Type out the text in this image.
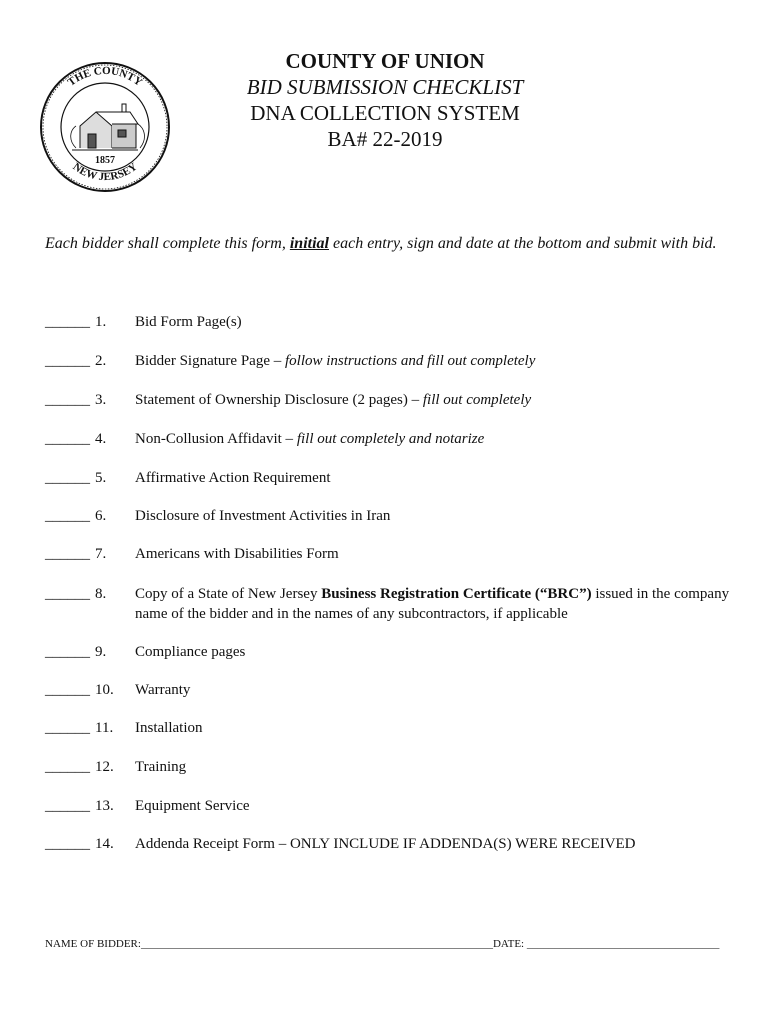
THE COUNTY
NEW JERSEY
1857
COUNTY OF UNION
BID SUBMISSION CHECKLIST
DNA COLLECTION SYSTEM
BA# 22-2019
Each bidder shall complete this form, initial each entry, sign and date at the bottom and submit with bid.
______ 1.	Bid Form Page(s)
______ 2.	Bidder Signature Page – follow instructions and fill out completely
______ 3.	Statement of Ownership Disclosure (2 pages) – fill out completely
______ 4.	Non-Collusion Affidavit – fill out completely and notarize
______ 5.	Affirmative Action Requirement
______ 6.	Disclosure of Investment Activities in Iran
______ 7.	Americans with Disabilities Form
______ 8.	Copy of a State of New Jersey Business Registration Certificate (“BRC”) issued in the company name of the bidder and in the names of any subcontractors, if applicable
______ 9.	Compliance pages
______ 10.	Warranty
______ 11.	Installation
______ 12.	Training
______ 13.	Equipment Service
______ 14.	Addenda Receipt Form – ONLY INCLUDE IF ADDENDA(S) WERE RECEIVED
NAME OF BIDDER:________________________________________________________________DATE: ___________________________________
